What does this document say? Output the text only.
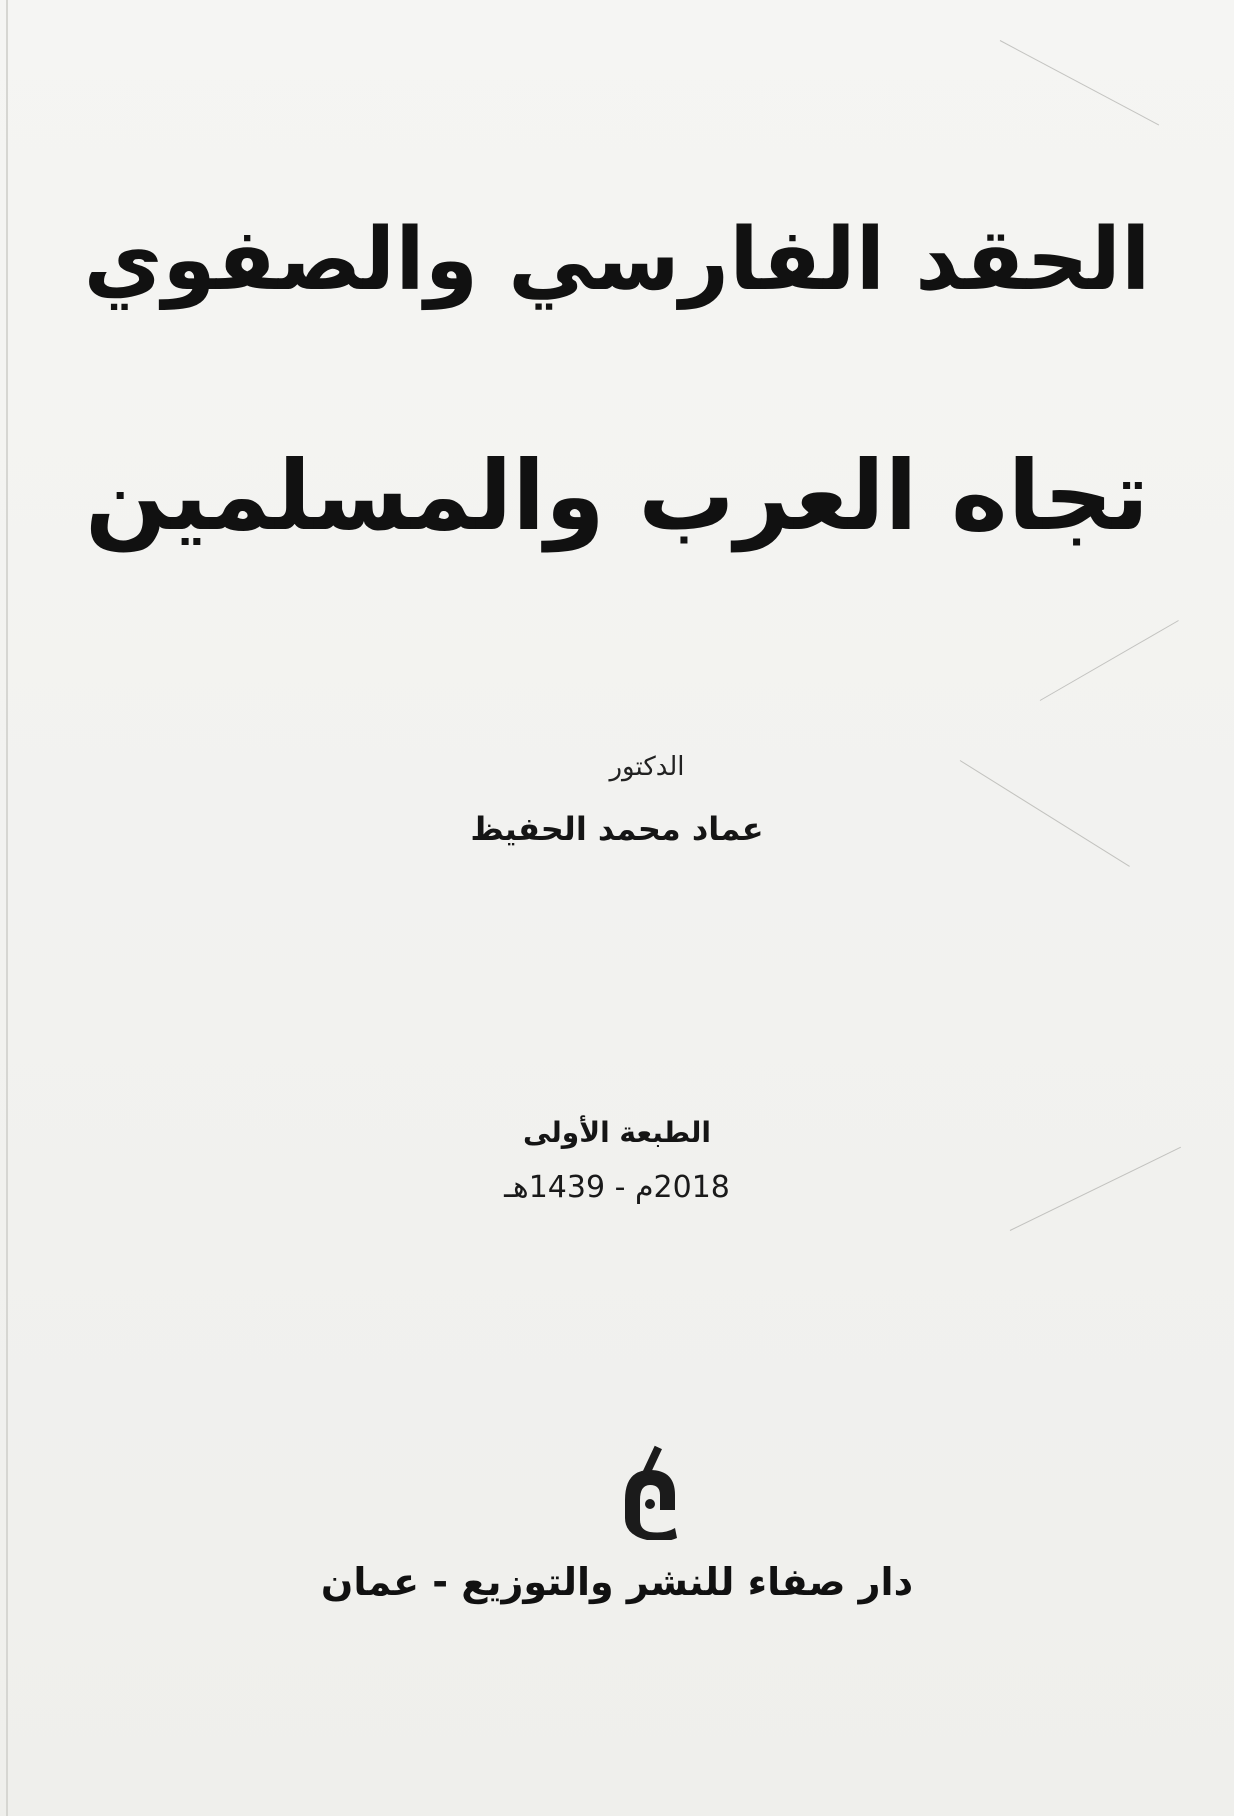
الحقد الفارسي والصفوي
تجاه العرب والمسلمين
الدكتور
عماد محمد الحفيظ
الطبعة الأولى
2018م - 1439هـ
دار صفاء للنشر والتوزيع - عمان
